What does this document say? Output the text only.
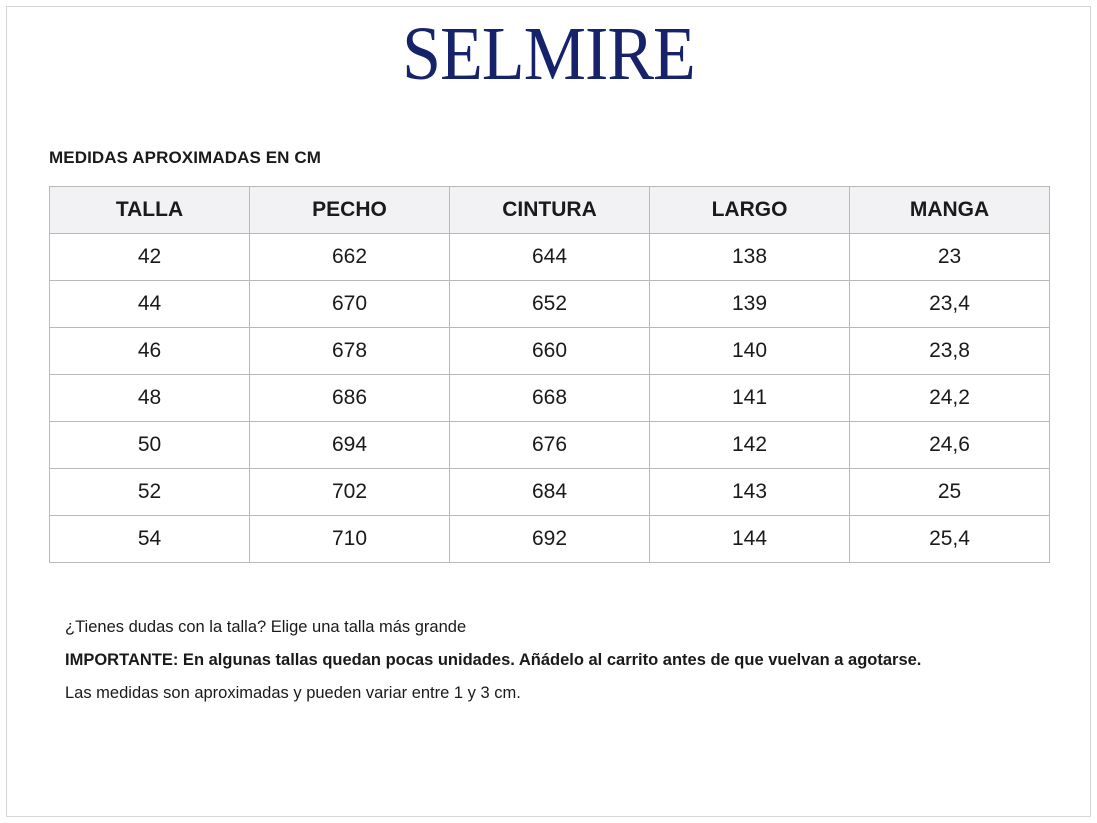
SELMIRE
MEDIDAS APROXIMADAS EN CM
TALLA	PECHO	CINTURA	LARGO	MANGA
42	662	644	138	23
44	670	652	139	23,4
46	678	660	140	23,8
48	686	668	141	24,2
50	694	676	142	24,6
52	702	684	143	25
54	710	692	144	25,4

¿Tienes dudas con la talla? Elige una talla más grande

IMPORTANTE: En algunas tallas quedan pocas unidades. Añádelo al carrito antes de que vuelvan a agotarse.

Las medidas son aproximadas y pueden variar entre 1 y 3 cm.
